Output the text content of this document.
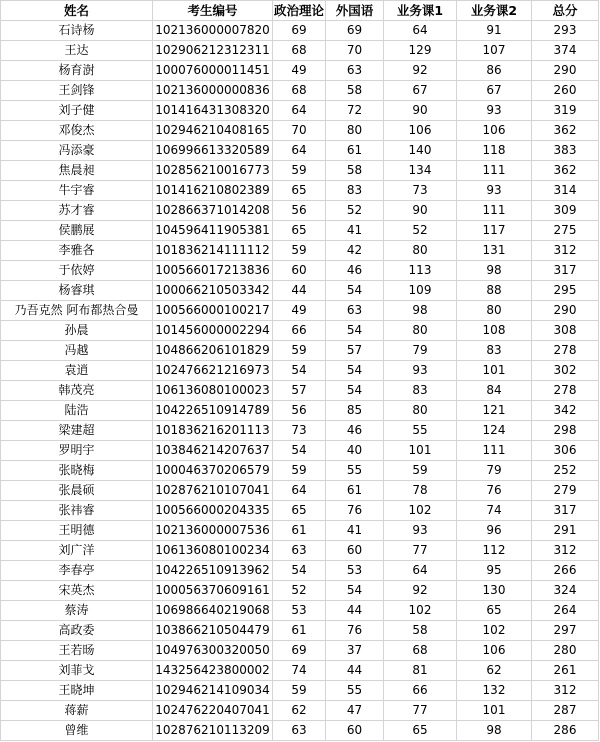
姓名	考生编号	政治理论	外国语	业务课1	业务课2	总分
石诗杨	102136000007820	69	69	64	91	293
王达	102906212312311	68	70	129	107	374
杨育澍	100076000011451	49	63	92	86	290
王剑锋	102136000000836	68	58	67	67	260
刘子健	101416431308320	64	72	90	93	319
邓俊杰	102946210408165	70	80	106	106	362
冯添豪	106996613320589	64	61	140	118	383
焦晨昶	102856210016773	59	58	134	111	362
牛宇睿	101416210802389	65	83	73	93	314
苏才睿	102866371014208	56	52	90	111	309
侯鹏展	104596411905381	65	41	52	117	275
李雅各	101836214111112	59	42	80	131	312
于依婷	100566017213836	60	46	113	98	317
杨睿琪	100066210503342	44	54	109	88	295
乃吾克然 阿布都热合曼	100566000100217	49	63	98	80	290
孙晨	101456000002294	66	54	80	108	308
冯越	104866206101829	59	57	79	83	278
袁逍	102476621216973	54	54	93	101	302
韩茂亮	106136080100023	57	54	83	84	278
陆浩	104226510914789	56	85	80	121	342
梁建超	101836216201113	73	46	55	124	298
罗明宇	103846214207637	54	40	101	111	306
张晓梅	100046370206579	59	55	59	79	252
张晨硕	102876210107041	64	61	78	76	279
张祎睿	100566000204335	65	76	102	74	317
王明德	102136000007536	61	41	93	96	291
刘广洋	106136080100234	63	60	77	112	312
李春亭	104226510913962	54	53	64	95	266
宋英杰	100056370609161	52	54	92	130	324
蔡涛	106986640219068	53	44	102	65	264
高政委	103866210504479	61	76	58	102	297
王若旸	104976300320050	69	37	68	106	280
刘菲戈	143256423800002	74	44	81	62	261
王晓坤	102946214109034	59	55	66	132	312
蒋薪	102476220407041	62	47	77	101	287
曾维	102876210113209	63	60	65	98	286
